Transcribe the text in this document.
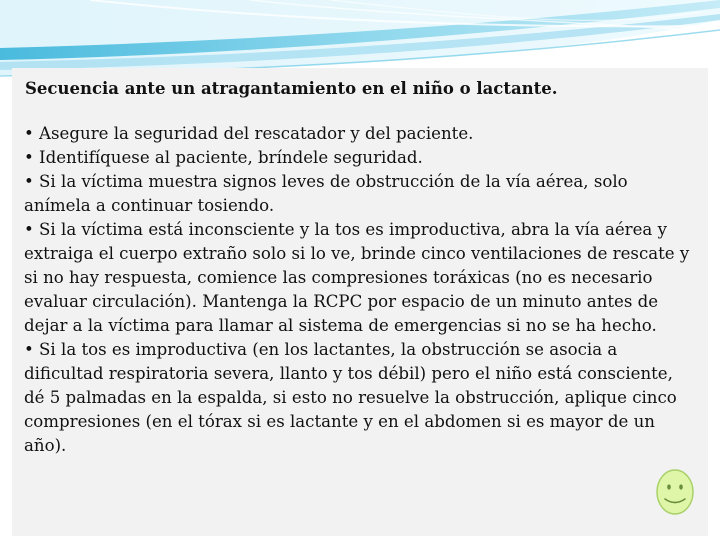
Secuencia ante un atragantamiento en el niño o lactante.

• Asegure la seguridad del rescatador y del paciente.

• Identifíquese al paciente, bríndele seguridad.

• Si la víctima muestra signos leves de obstrucción de la vía aérea, solo anímela a continuar tosiendo.

• Si la víctima está inconsciente y la tos es improductiva, abra la vía aérea y extraiga el cuerpo extraño solo si lo ve, brinde cinco ventilaciones de rescate y si no hay respuesta, comience las compresiones toráxicas (no es necesario evaluar circulación). Mantenga la RCPC por espacio de un minuto antes de dejar a la víctima para llamar al sistema de emergencias si no se ha hecho.

• Si la tos es improductiva (en los lactantes, la obstrucción se asocia a dificultad respiratoria severa, llanto y tos débil) pero el niño está consciente, dé 5 palmadas en la espalda, si esto no resuelve la obstrucción, aplique cinco compresiones (en el tórax si es lactante y en el abdomen si es mayor de un año).
